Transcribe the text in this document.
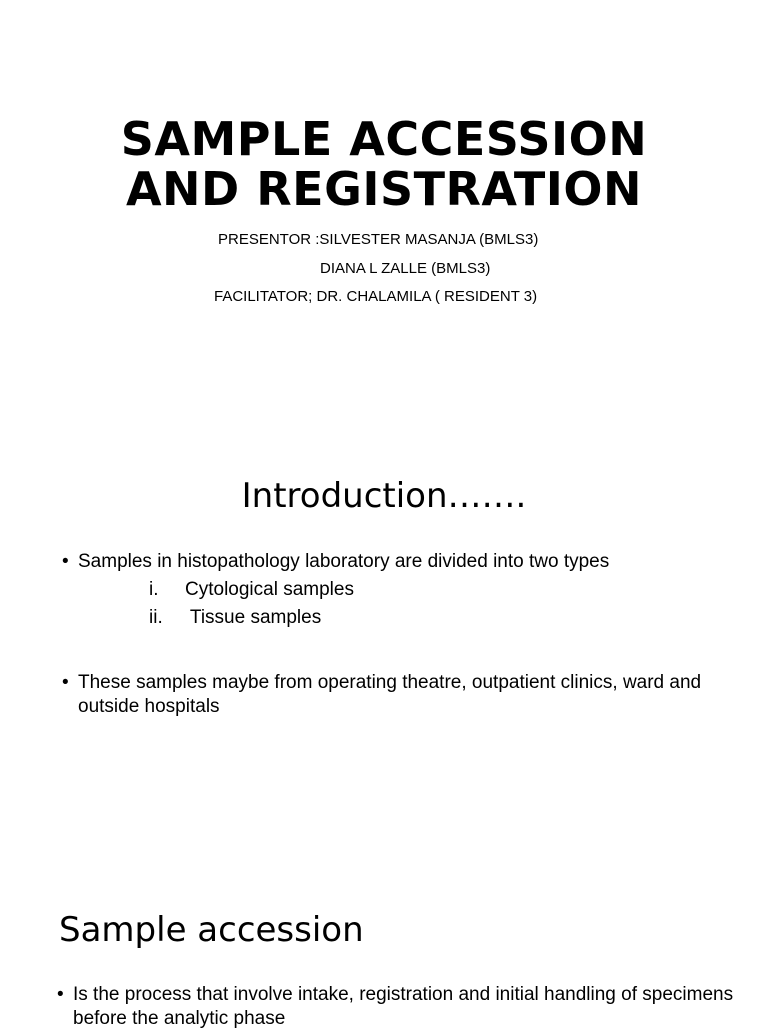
SAMPLE ACCESSION
AND REGISTRATION
PRESENTOR :SILVESTER MASANJA (BMLS3)
DIANA L ZALLE (BMLS3)
FACILITATOR; DR. CHALAMILA ( RESIDENT 3)
Introduction…….
• Samples in histopathology laboratory are divided into two types
i. Cytological samples
ii. Tissue samples
• These samples maybe from operating theatre, outpatient clinics, ward and outside hospitals
Sample accession
• Is the process that involve intake, registration and initial handling of specimens before the analytic phase
